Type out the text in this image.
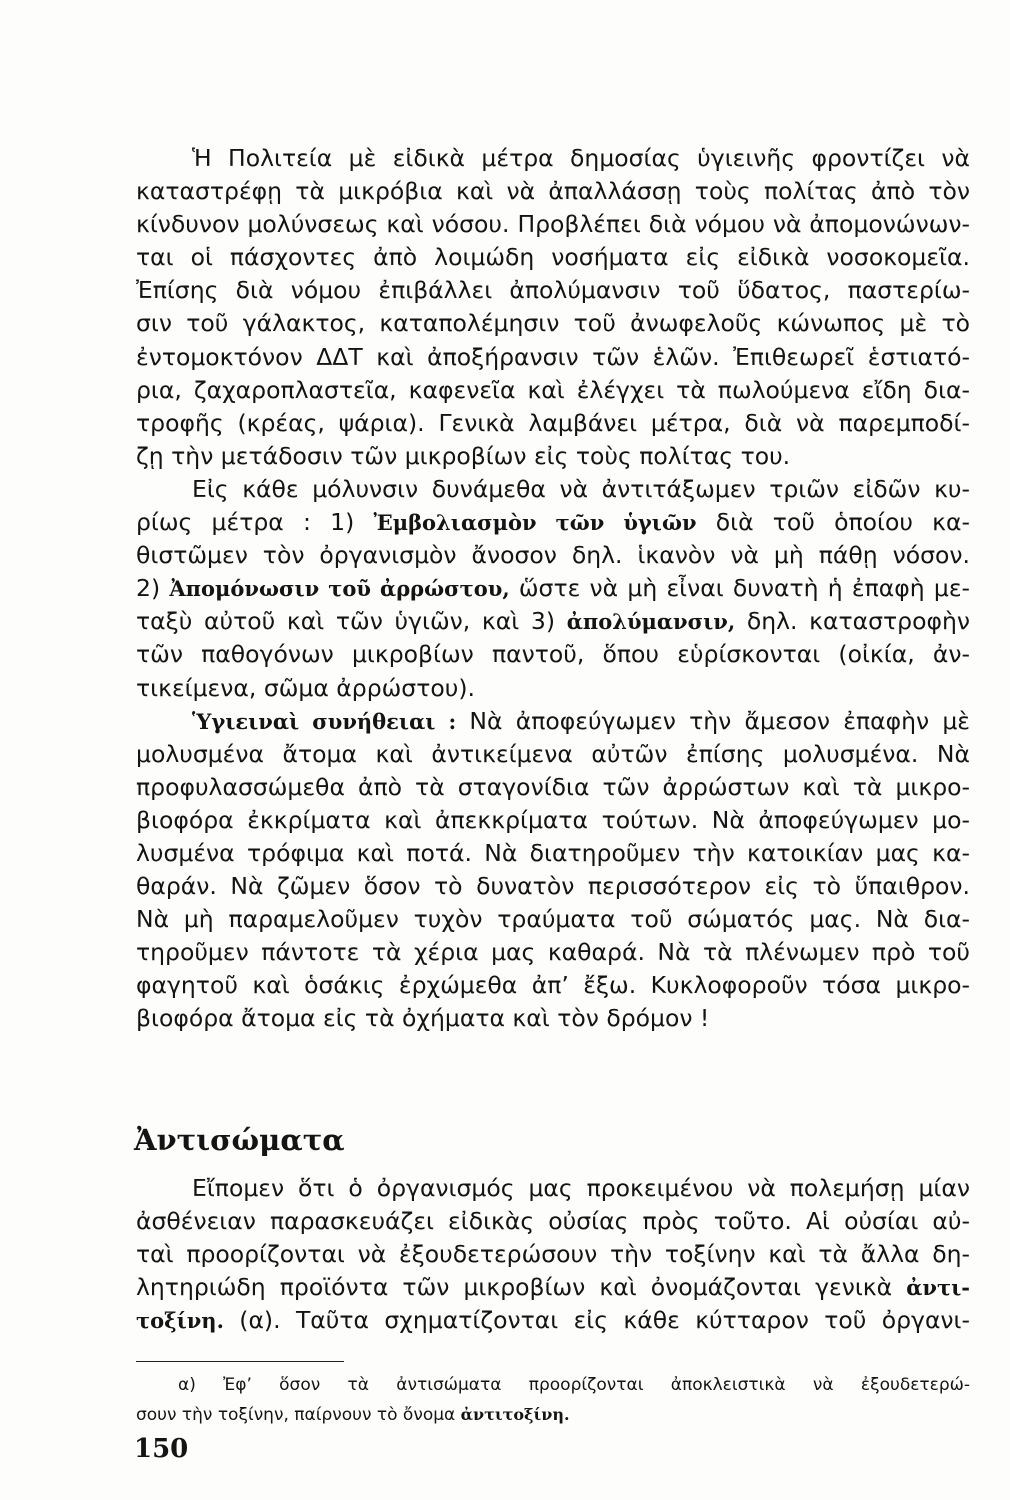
Ἡ Πολιτεία μὲ εἰδικὰ μέτρα δημοσίας ὑγιεινῆς φροντίζει νὰ
καταστρέφῃ τὰ μικρόβια καὶ νὰ ἀπαλλάσσῃ τοὺς πολίτας ἀπὸ τὸν
κίνδυνον μολύνσεως καὶ νόσου. Προβλέπει διὰ νόμου νὰ ἀπομονώνων-
ται οἱ πάσχοντες ἀπὸ λοιμώδη νοσήματα εἰς εἰδικὰ νοσοκομεῖα.
Ἐπίσης διὰ νόμου ἐπιβάλλει ἀπολύμανσιν τοῦ ὕδατος, παστερίω-
σιν τοῦ γάλακτος, καταπολέμησιν τοῦ ἀνωφελοῦς κώνωπος μὲ τὸ
ἐντομοκτόνον ΔΔΤ καὶ ἀποξήρανσιν τῶν ἑλῶν. Ἐπιθεωρεῖ ἑστιατό-
ρια, ζαχαροπλαστεῖα, καφενεῖα καὶ ἐλέγχει τὰ πωλούμενα εἴδη δια-
τροφῆς (κρέας, ψάρια). Γενικὰ λαμβάνει μέτρα, διὰ νὰ παρεμποδί-
ζῃ τὴν μετάδοσιν τῶν μικροβίων εἰς τοὺς πολίτας του.
Εἰς κάθε μόλυνσιν δυνάμεθα νὰ ἀντιτάξωμεν τριῶν εἰδῶν κυ-
ρίως μέτρα : 1) Ἐμβολιασμὸν τῶν ὑγιῶν διὰ τοῦ ὁποίου κα-
θιστῶμεν τὸν ὀργανισμὸν ἄνοσον δηλ. ἱκανὸν νὰ μὴ πάθῃ νόσον.
2) Ἀπομόνωσιν τοῦ ἀρρώστου, ὥστε νὰ μὴ εἶναι δυνατὴ ἡ ἐπαφὴ με-
ταξὺ αὐτοῦ καὶ τῶν ὑγιῶν, καὶ 3) ἀπολύμανσιν, δηλ. καταστροφὴν
τῶν παθογόνων μικροβίων παντοῦ, ὅπου εὑρίσκονται (οἰκία, ἀν-
τικείμενα, σῶμα ἀρρώστου).
Ὑγιειναὶ συνήθειαι : Νὰ ἀποφεύγωμεν τὴν ἄμεσον ἐπαφὴν μὲ
μολυσμένα ἄτομα καὶ ἀντικείμενα αὐτῶν ἐπίσης μολυσμένα. Νὰ
προφυλασσώμεθα ἀπὸ τὰ σταγονίδια τῶν ἀρρώστων καὶ τὰ μικρο-
βιοφόρα ἐκκρίματα καὶ ἀπεκκρίματα τούτων. Νὰ ἀποφεύγωμεν μο-
λυσμένα τρόφιμα καὶ ποτά. Νὰ διατηροῦμεν τὴν κατοικίαν μας κα-
θαράν. Νὰ ζῶμεν ὅσον τὸ δυνατὸν περισσότερον εἰς τὸ ὕπαιθρον.
Νὰ μὴ παραμελοῦμεν τυχὸν τραύματα τοῦ σώματός μας. Νὰ δια-
τηροῦμεν πάντοτε τὰ χέρια μας καθαρά. Νὰ τὰ πλένωμεν πρὸ τοῦ
φαγητοῦ καὶ ὁσάκις ἐρχώμεθα ἀπ’ ἔξω. Κυκλοφοροῦν τόσα μικρο-
βιοφόρα ἄτομα εἰς τὰ ὀχήματα καὶ τὸν δρόμον !
Ἀντισώματα
Εἴπομεν ὅτι ὁ ὀργανισμός μας προκειμένου νὰ πολεμήσῃ μίαν
ἀσθένειαν παρασκευάζει εἰδικὰς οὐσίας πρὸς τοῦτο. Αἱ οὐσίαι αὐ-
ταὶ προορίζονται νὰ ἐξουδετερώσουν τὴν τοξίνην καὶ τὰ ἄλλα δη-
λητηριώδη προϊόντα τῶν μικροβίων καὶ ὀνομάζονται γενικὰ ἀντι-
τοξίνη. (α). Ταῦτα σχηματίζονται εἰς κάθε κύτταρον τοῦ ὀργανι-
α) Ἐφ’ ὅσον τὰ ἀντισώματα προορίζονται ἀποκλειστικὰ νὰ ἐξουδετερώ-
σουν τὴν τοξίνην, παίρνουν τὸ ὄνομα ἀντιτοξίνη.
150
